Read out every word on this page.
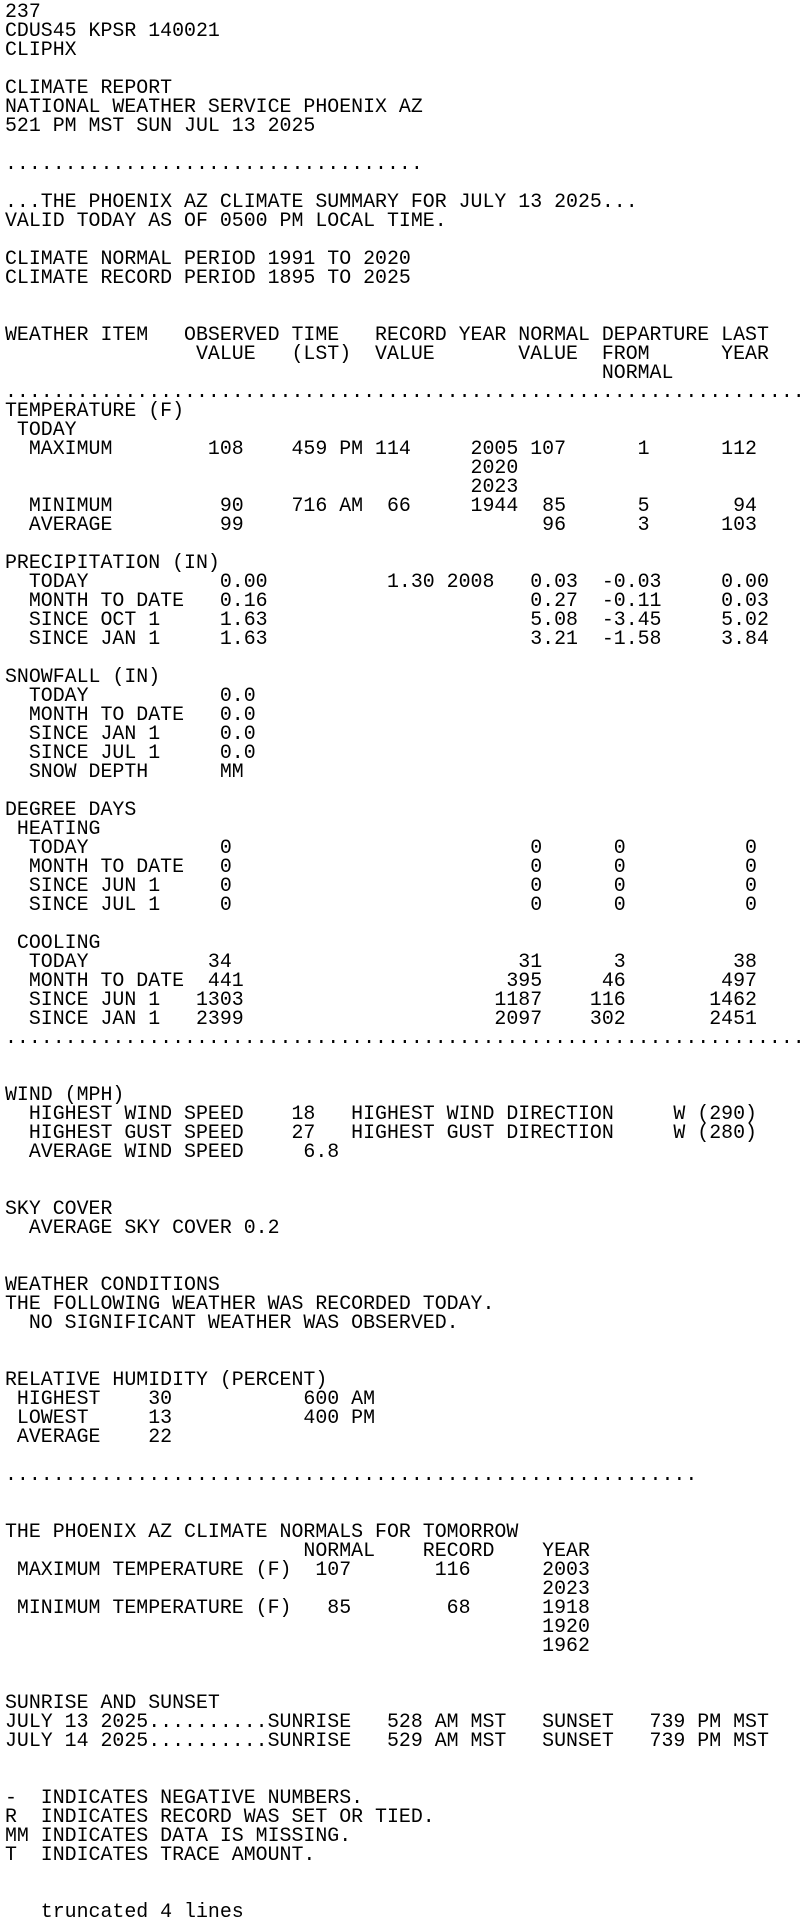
237
CDUS45 KPSR 140021
CLIPHX
CLIMATE REPORT
NATIONAL WEATHER SERVICE PHOENIX AZ
521 PM MST SUN JUL 13 2025
...................................
...THE PHOENIX AZ CLIMATE SUMMARY FOR JULY 13 2025...
VALID TODAY AS OF 0500 PM LOCAL TIME.
CLIMATE NORMAL PERIOD 1991 TO 2020
CLIMATE RECORD PERIOD 1895 TO 2025
WEATHER ITEM   OBSERVED TIME   RECORD YEAR NORMAL DEPARTURE LAST
VALUE   (LST)  VALUE       VALUE  FROM      YEAR
NORMAL
...................................................................
TEMPERATURE (F)
TODAY
MAXIMUM        108    459 PM 114     2005 107      1      112
2020
2023
MINIMUM         90    716 AM  66     1944  85      5       94
AVERAGE         99                         96      3      103
PRECIPITATION (IN)
TODAY           0.00          1.30 2008   0.03  -0.03     0.00
MONTH TO DATE   0.16                      0.27  -0.11     0.03
SINCE OCT 1     1.63                      5.08  -3.45     5.02
SINCE JAN 1     1.63                      3.21  -1.58     3.84
SNOWFALL (IN)
TODAY           0.0
MONTH TO DATE   0.0
SINCE JAN 1     0.0
SINCE JUL 1     0.0
SNOW DEPTH      MM
DEGREE DAYS
HEATING
TODAY           0                         0      0          0
MONTH TO DATE   0                         0      0          0
SINCE JUN 1     0                         0      0          0
SINCE JUL 1     0                         0      0          0
COOLING
TODAY          34                        31      3         38
MONTH TO DATE  441                      395     46        497
SINCE JUN 1   1303                     1187    116       1462
SINCE JAN 1   2399                     2097    302       2451
...................................................................
WIND (MPH)
HIGHEST WIND SPEED    18   HIGHEST WIND DIRECTION     W (290)
HIGHEST GUST SPEED    27   HIGHEST GUST DIRECTION     W (280)
AVERAGE WIND SPEED     6.8
SKY COVER
AVERAGE SKY COVER 0.2
WEATHER CONDITIONS
THE FOLLOWING WEATHER WAS RECORDED TODAY.
NO SIGNIFICANT WEATHER WAS OBSERVED.
RELATIVE HUMIDITY (PERCENT)
HIGHEST    30           600 AM
LOWEST     13           400 PM
AVERAGE    22
..........................................................
THE PHOENIX AZ CLIMATE NORMALS FOR TOMORROW
NORMAL    RECORD    YEAR
MAXIMUM TEMPERATURE (F)  107       116      2003
2023
MINIMUM TEMPERATURE (F)   85        68      1918
1920
1962
SUNRISE AND SUNSET
JULY 13 2025..........SUNRISE   528 AM MST   SUNSET   739 PM MST
JULY 14 2025..........SUNRISE   529 AM MST   SUNSET   739 PM MST
-  INDICATES NEGATIVE NUMBERS.
R  INDICATES RECORD WAS SET OR TIED.
MM INDICATES DATA IS MISSING.
T  INDICATES TRACE AMOUNT.
truncated 4 lines
